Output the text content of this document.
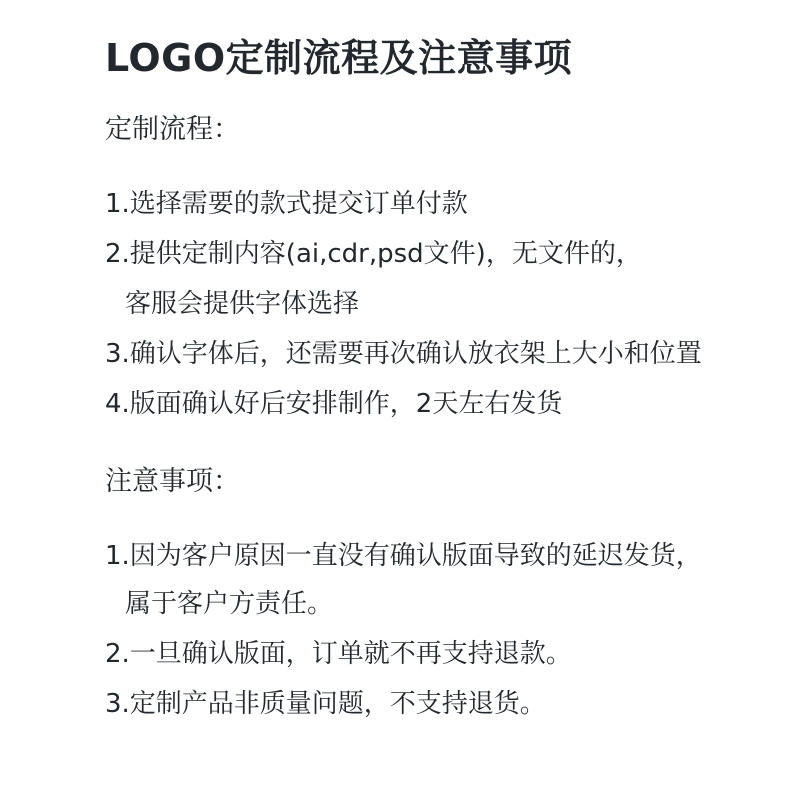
LOGO定制流程及注意事项
定制流程：
1.选择需要的款式提交订单付款
2.提供定制内容(ai,cdr,psd文件)，无文件的，
客服会提供字体选择
3.确认字体后，还需要再次确认放衣架上大小和位置
4.版面确认好后安排制作，2天左右发货
注意事项：
1.因为客户原因一直没有确认版面导致的延迟发货，
属于客户方责任。
2.一旦确认版面，订单就不再支持退款。
3.定制产品非质量问题，不支持退货。
